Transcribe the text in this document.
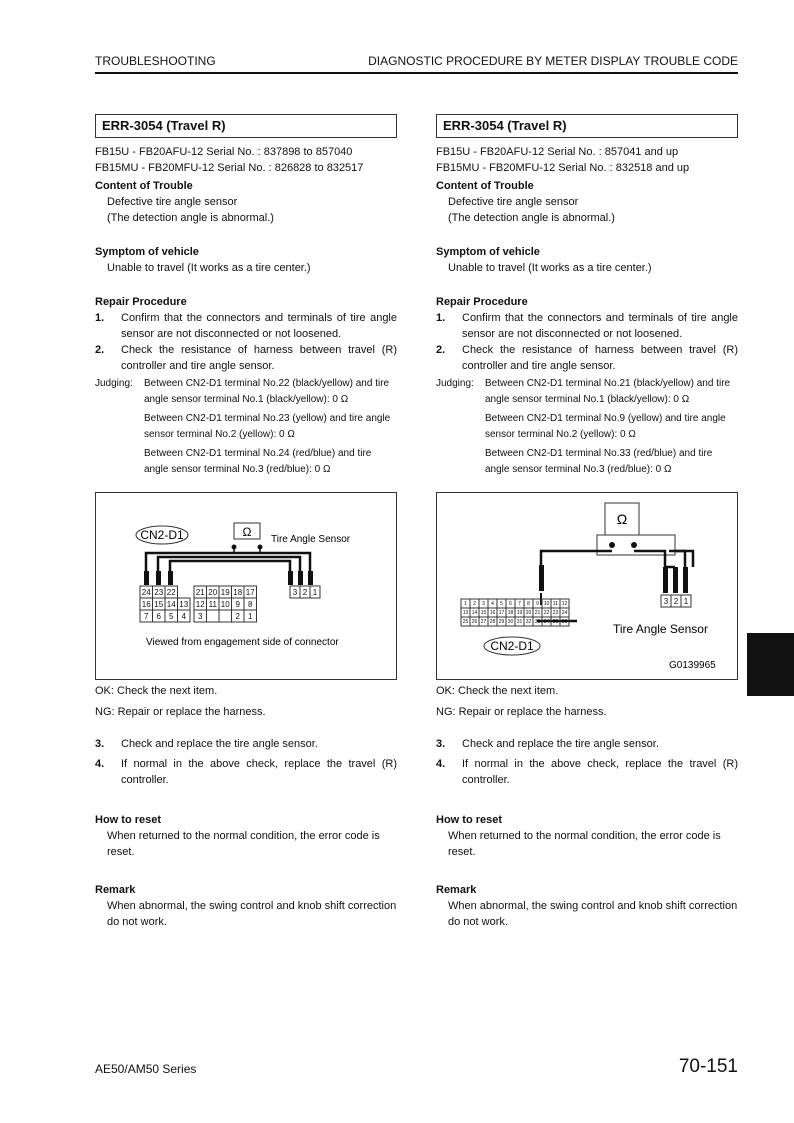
TROUBLESHOOTING	DIAGNOSTIC PROCEDURE BY METER DISPLAY TROUBLE CODE
ERR-3054 (Travel R)
FB15U - FB20AFU-12 Serial No. : 837898 to 857040
FB15MU - FB20MFU-12 Serial No. : 826828 to 832517
Content of Trouble
Defective tire angle sensor
(The detection angle is abnormal.)
Symptom of vehicle
Unable to travel (It works as a tire center.)
Repair Procedure
1.	Confirm that the connectors and terminals of tire angle sensor are not disconnected or not loosened.
2.	Check the resistance of harness between travel (R) controller and tire angle sensor.
Judging:	Between CN2-D1 terminal No.22 (black/yellow) and tire angle sensor terminal No.1 (black/yellow): 0 Ω
Between CN2-D1 terminal No.23 (yellow) and tire angle sensor terminal No.2 (yellow): 0 Ω
Between CN2-D1 terminal No.24 (red/blue) and tire angle sensor terminal No.3 (red/blue): 0 Ω
CN2-D1	Ω
Tire Angle Sensor
24 23 22	21 20 19 18 17
16 15 14 13 12 11 10 9 8
7 6 5 4 3	2 1
3 2 1
Viewed from engagement side of connector
OK: Check the next item.
NG: Repair or replace the harness.
3.	Check and replace the tire angle sensor.
4.	If normal in the above check, replace the travel (R) controller.
How to reset
When returned to the normal condition, the error code is reset.
Remark
When abnormal, the swing control and knob shift correction do not work.
ERR-3054 (Travel R)
FB15U - FB20AFU-12 Serial No. : 857041 and up
FB15MU - FB20MFU-12 Serial No. : 832518 and up
Content of Trouble
Defective tire angle sensor
(The detection angle is abnormal.)
Symptom of vehicle
Unable to travel (It works as a tire center.)
Repair Procedure
1.	Confirm that the connectors and terminals of tire angle sensor are not disconnected or not loosened.
2.	Check the resistance of harness between travel (R) controller and tire angle sensor.
Judging:	Between CN2-D1 terminal No.21 (black/yellow) and tire angle sensor terminal No.1 (black/yellow): 0 Ω
Between CN2-D1 terminal No.9 (yellow) and tire angle sensor terminal No.2 (yellow): 0 Ω
Between CN2-D1 terminal No.33 (red/blue) and tire angle sensor terminal No.3 (red/blue): 0 Ω
Ω
1 2 3 4 5 6 7 8 9 10 11 12
13 14 15 16 17 18 19 20 21 22 23 24
25 26 27 28 29 30 31 32 33 34 35 36
3 2 1
Tire Angle Sensor
CN2-D1
G0139965
OK: Check the next item.
NG: Repair or replace the harness.
3.	Check and replace the tire angle sensor.
4.	If normal in the above check, replace the travel (R) controller.
How to reset
When returned to the normal condition, the error code is reset.
Remark
When abnormal, the swing control and knob shift correction do not work.
AE50/AM50 Series	70-151
